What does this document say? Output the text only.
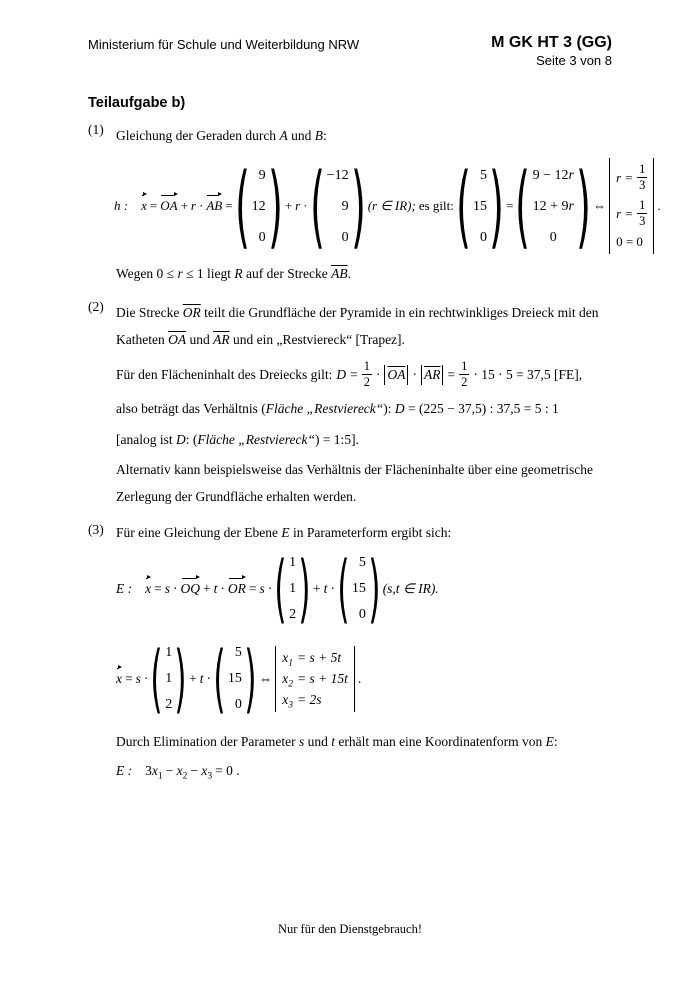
Ministerium für Schule und Weiterbildung NRW	M GK HT 3 (GG)
Seite 3 von 8
Teilaufgabe b)
(1) Gleichung der Geraden durch A und B:
h : x = OA + r · AB = ( 9
12
0 ) + r · ( −12
9
0 ) (r ∈ IR); es gilt: ( 5
15
0 ) = ( 9 − 12r
12 + 9r
0 ) ⇔
$r = \frac{1}{3}$
$r = \frac{1}{3}$
0 = 0
.
Wegen 0 ≤ r ≤ 1 liegt R auf der Strecke $\overline{AB}$.
(2) Die Strecke $\overline{OR}$ teilt die Grundfläche der Pyramide in ein rechtwinkliges Dreieck mit den Katheten $\overline{OA}$ und $\overline{AR}$ und ein „Restviereck“ [Trapez].
Für den Flächeninhalt des Dreiecks gilt: $D = \frac{1}{2} \cdot \overline{OA} \cdot \overline{AR} = \frac{1}{2} \cdot 15 \cdot 5 = 37,5$ [FE],
also beträgt das Verhältnis (Fläche „Restviereck“): D = (225 − 37,5) : 37,5 = 5 : 1
[analog ist D: (Fläche „Restviereck“) = 1:5].
Alternativ kann beispielsweise das Verhältnis der Flächeninhalte über eine geometrische Zerlegung der Grundfläche erhalten werden.
(3) Für eine Gleichung der Ebene E in Parameterform ergibt sich:
E : x = s · OQ + t · OR = s · ( 1
1
2 ) + t · ( 5
15
0 ) (s,t ∈ IR).
x = s · ( 1
1
2 ) + t · ( 5
15
0 ) ⇔
$x_1 = s + 5t$
$x_2 = s + 15t$
$x_3 = 2s$
.
Durch Elimination der Parameter s und t erhält man eine Koordinatenform von E:
E : $3x_1 - x_2 - x_3 = 0$ .
Nur für den Dienstgebrauch!
